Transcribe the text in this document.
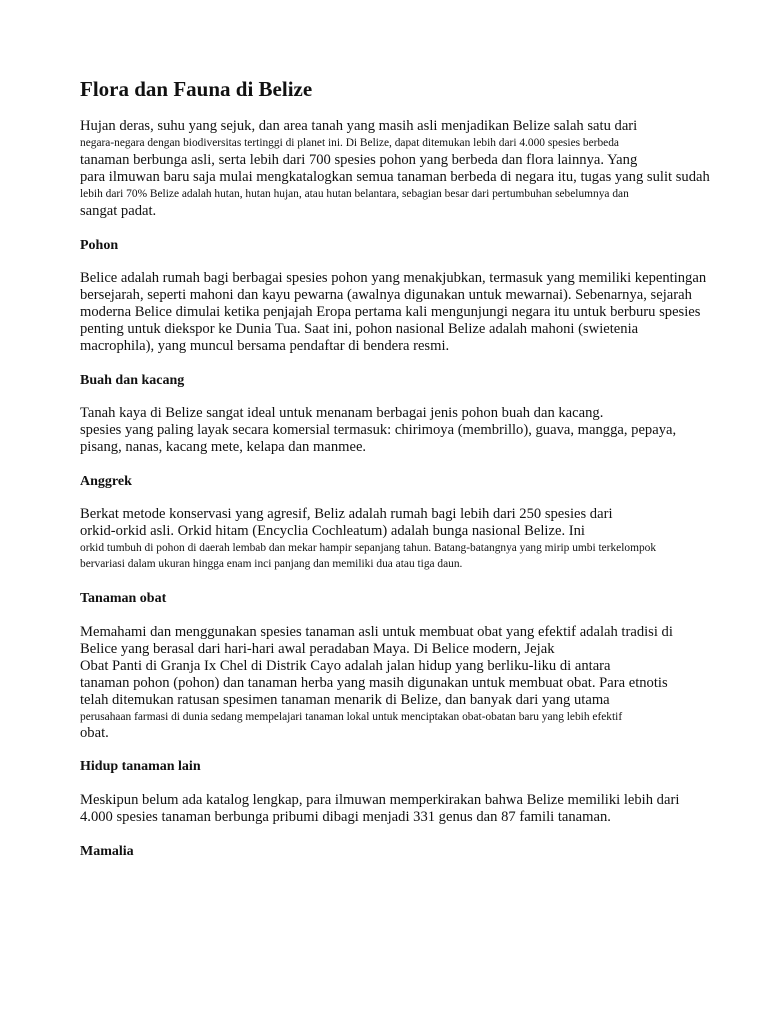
Flora dan Fauna di Belize

Hujan deras, suhu yang sejuk, dan area tanah yang masih asli menjadikan Belize salah satu dari

negara-negara dengan biodiversitas tertinggi di planet ini. Di Belize, dapat ditemukan lebih dari 4.000 spesies berbeda

tanaman berbunga asli, serta lebih dari 700 spesies pohon yang berbeda dan flora lainnya. Yang

para ilmuwan baru saja mulai mengkatalogkan semua tanaman berbeda di negara itu, tugas yang sulit sudah

lebih dari 70% Belize adalah hutan, hutan hujan, atau hutan belantara, sebagian besar dari pertumbuhan sebelumnya dan

sangat padat.

Pohon

Belice adalah rumah bagi berbagai spesies pohon yang menakjubkan, termasuk yang memiliki kepentingan

bersejarah, seperti mahoni dan kayu pewarna (awalnya digunakan untuk mewarnai). Sebenarnya, sejarah

moderna Belice dimulai ketika penjajah Eropa pertama kali mengunjungi negara itu untuk berburu spesies

penting untuk diekspor ke Dunia Tua. Saat ini, pohon nasional Belize adalah mahoni (swietenia

macrophila), yang muncul bersama pendaftar di bendera resmi.

Buah dan kacang

Tanah kaya di Belize sangat ideal untuk menanam berbagai jenis pohon buah dan kacang.

spesies yang paling layak secara komersial termasuk: chirimoya (membrillo), guava, mangga, pepaya,

pisang, nanas, kacang mete, kelapa dan manmee.

Anggrek

Berkat metode konservasi yang agresif, Beliz adalah rumah bagi lebih dari 250 spesies dari

orkid-orkid asli. Orkid hitam (Encyclia Cochleatum) adalah bunga nasional Belize. Ini

orkid tumbuh di pohon di daerah lembab dan mekar hampir sepanjang tahun. Batang-batangnya yang mirip umbi terkelompok

bervariasi dalam ukuran hingga enam inci panjang dan memiliki dua atau tiga daun.

Tanaman obat

Memahami dan menggunakan spesies tanaman asli untuk membuat obat yang efektif adalah tradisi di

Belice yang berasal dari hari-hari awal peradaban Maya. Di Belice modern, Jejak

Obat Panti di Granja Ix Chel di Distrik Cayo adalah jalan hidup yang berliku-liku di antara

tanaman pohon (pohon) dan tanaman herba yang masih digunakan untuk membuat obat. Para etnotis

telah ditemukan ratusan spesimen tanaman menarik di Belize, dan banyak dari yang utama

perusahaan farmasi di dunia sedang mempelajari tanaman lokal untuk menciptakan obat-obatan baru yang lebih efektif

obat.

Hidup tanaman lain

Meskipun belum ada katalog lengkap, para ilmuwan memperkirakan bahwa Belize memiliki lebih dari

4.000 spesies tanaman berbunga pribumi dibagi menjadi 331 genus dan 87 famili tanaman.

Mamalia
